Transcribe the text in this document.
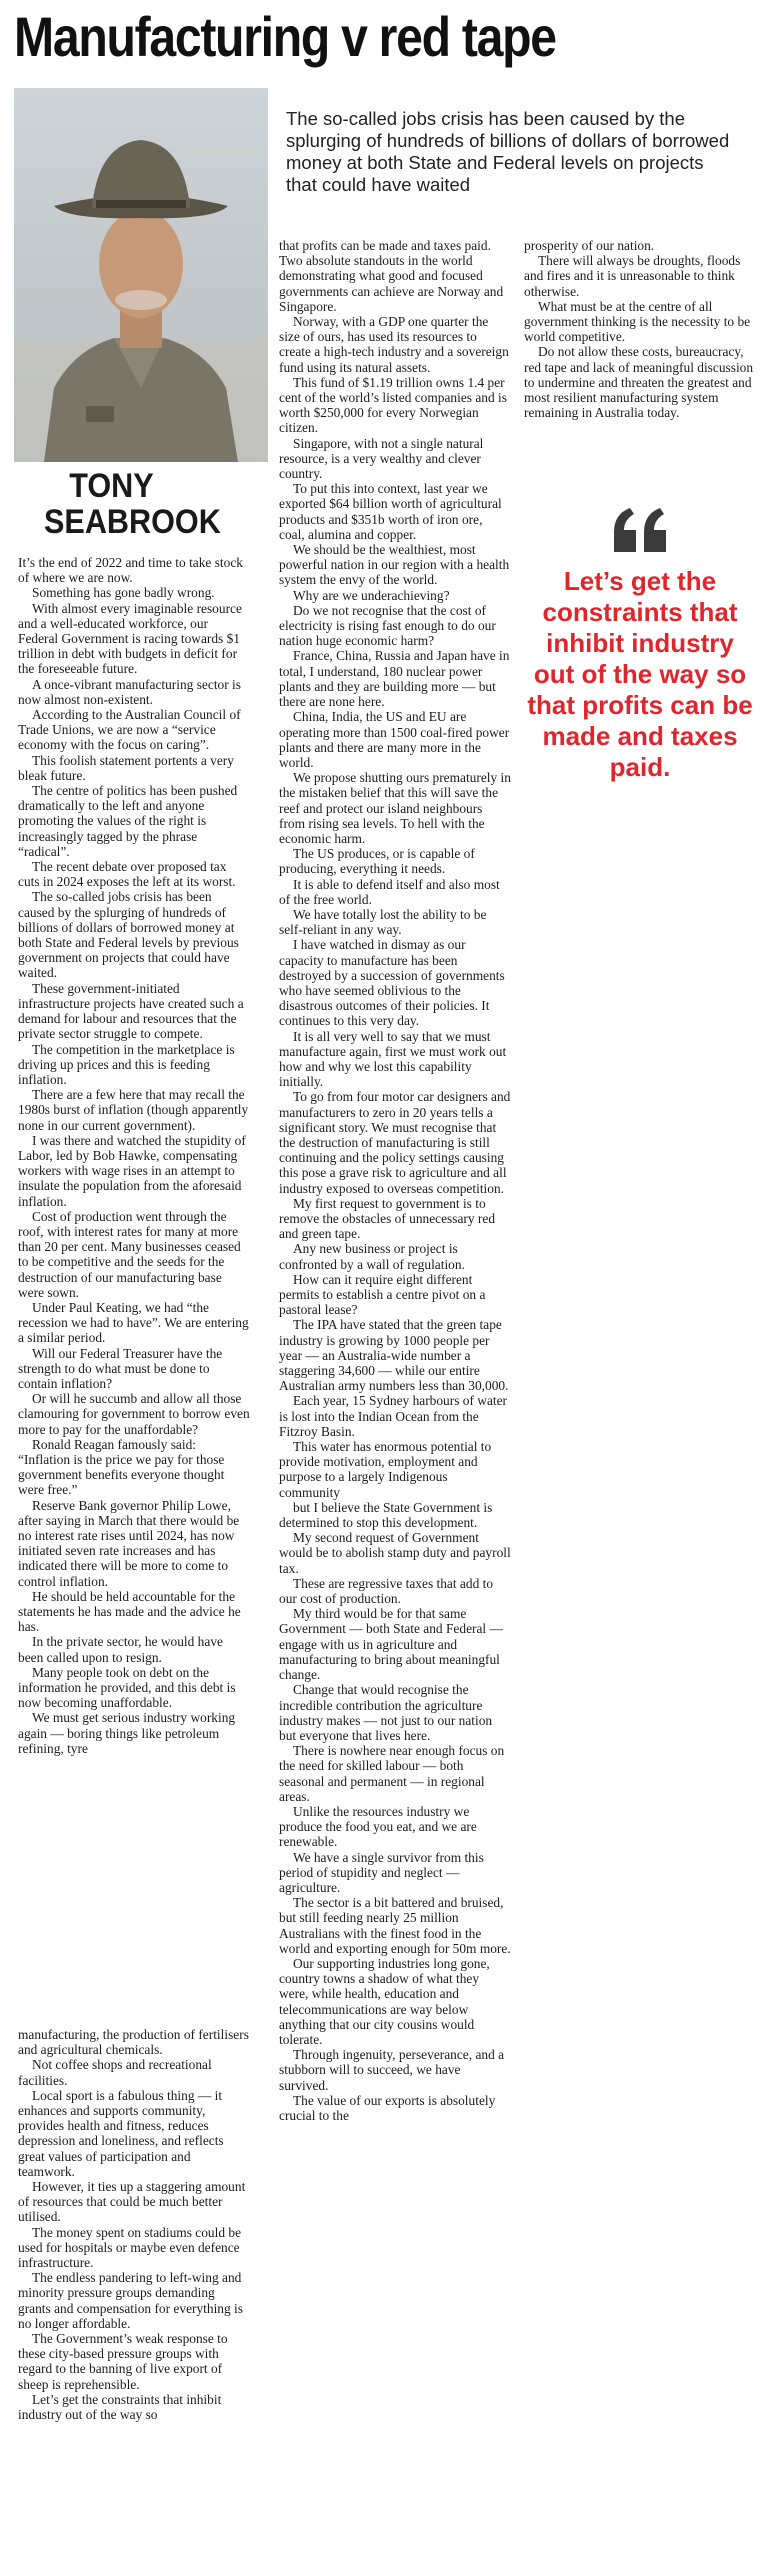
Manufacturing v red tape
TONY
SEABROOK
The so-called jobs crisis has been caused by the splurging of hundreds of billions of dollars of borrowed money at both State and Federal levels on projects that could have waited

It’s the end of 2022 and time to take stock of where we are now.

Something has gone badly wrong.

With almost every imaginable resource and a well-educated workforce, our Federal Government is racing towards $1 trillion in debt with budgets in deficit for the foreseeable future.

A once-vibrant manufacturing sector is now almost non-existent.

According to the Australian Council of Trade Unions, we are now a “service economy with the focus on caring”.

This foolish statement portents a very bleak future.

The centre of politics has been pushed dramatically to the left and anyone promoting the values of the right is increasingly tagged by the phrase “radical”.

The recent debate over proposed tax cuts in 2024 exposes the left at its worst.

The so-called jobs crisis has been caused by the splurging of hundreds of billions of dollars of borrowed money at both State and Federal levels by previous government on projects that could have waited.

These government-initiated infrastructure projects have created such a demand for labour and resources that the private sector struggle to compete.

The competition in the marketplace is driving up prices and this is feeding inflation.

There are a few here that may recall the 1980s burst of inflation (though apparently none in our current government).

I was there and watched the stupidity of Labor, led by Bob Hawke, compensating workers with wage rises in an attempt to insulate the population from the aforesaid inflation.

Cost of production went through the roof, with interest rates for many at more than 20 per cent. Many businesses ceased to be competitive and the seeds for the destruction of our manufacturing base were sown.

Under Paul Keating, we had “the recession we had to have”. We are entering a similar period.

Will our Federal Treasurer have the strength to do what must be done to contain inflation?

Or will he succumb and allow all those clamouring for government to borrow even more to pay for the unaffordable?

Ronald Reagan famously said: “Inflation is the price we pay for those government benefits everyone thought were free.”

Reserve Bank governor Philip Lowe, after saying in March that there would be no interest rate rises until 2024, has now initiated seven rate increases and has indicated there will be more to come to control inflation.

He should be held accountable for the statements he has made and the advice he has.

In the private sector, he would have been called upon to resign.

Many people took on debt on the information he provided, and this debt is now becoming unaffordable.

We must get serious industry working again — boring things like petroleum refining, tyre

manufacturing, the production of fertilisers and agricultural chemicals.

Not coffee shops and recreational facilities.

Local sport is a fabulous thing — it enhances and supports community, provides health and fitness, reduces depression and loneliness, and reflects great values of participation and teamwork.

However, it ties up a staggering amount of resources that could be much better utilised.

The money spent on stadiums could be used for hospitals or maybe even defence infrastructure.

The endless pandering to left-wing and minority pressure groups demanding grants and compensation for everything is no longer affordable.

The Government’s weak response to these city-based pressure groups with regard to the banning of live export of sheep is reprehensible.

Let’s get the constraints that inhibit industry out of the way so

that profits can be made and taxes paid. Two absolute standouts in the world demonstrating what good and focused governments can achieve are Norway and Singapore.

Norway, with a GDP one quarter the size of ours, has used its resources to create a high-tech industry and a sovereign fund using its natural assets.

This fund of $1.19 trillion owns 1.4 per cent of the world’s listed companies and is worth $250,000 for every Norwegian citizen.

Singapore, with not a single natural resource, is a very wealthy and clever country.

To put this into context, last year we exported $64 billion worth of agricultural products and $351b worth of iron ore, coal, alumina and copper.

We should be the wealthiest, most powerful nation in our region with a health system the envy of the world.

Why are we underachieving?

Do we not recognise that the cost of electricity is rising fast enough to do our nation huge economic harm?

France, China, Russia and Japan have in total, I understand, 180 nuclear power plants and they are building more — but there are none here.

China, India, the US and EU are operating more than 1500 coal-fired power plants and there are many more in the world.

We propose shutting ours prematurely in the mistaken belief that this will save the reef and protect our island neighbours from rising sea levels. To hell with the economic harm.

The US produces, or is capable of producing, everything it needs.

It is able to defend itself and also most of the free world.

We have totally lost the ability to be self-reliant in any way.

I have watched in dismay as our capacity to manufacture has been destroyed by a succession of governments who have seemed oblivious to the disastrous outcomes of their policies. It continues to this very day.

It is all very well to say that we must manufacture again, first we must work out how and why we lost this capability initially.

To go from four motor car designers and manufacturers to zero in 20 years tells a significant story. We must recognise that the destruction of manufacturing is still continuing and the policy settings causing this pose a grave risk to agriculture and all industry exposed to overseas competition.

My first request to government is to remove the obstacles of unnecessary red and green tape.

Any new business or project is confronted by a wall of regulation.

How can it require eight different permits to establish a centre pivot on a pastoral lease?

The IPA have stated that the green tape industry is growing by 1000 people per year — an Australia-wide number a staggering 34,600 — while our entire Australian army numbers less than 30,000.

Each year, 15 Sydney harbours of water is lost into the Indian Ocean from the Fitzroy Basin.

This water has enormous potential to provide motivation, employment and purpose to a largely Indigenous community

but I believe the State Government is determined to stop this development.

My second request of Government would be to abolish stamp duty and payroll tax.

These are regressive taxes that add to our cost of production.

My third would be for that same Government — both State and Federal — engage with us in agriculture and manufacturing to bring about meaningful change.

Change that would recognise the incredible contribution the agriculture industry makes — not just to our nation but everyone that lives here.

There is nowhere near enough focus on the need for skilled labour — both seasonal and permanent — in regional areas.

Unlike the resources industry we produce the food you eat, and we are renewable.

We have a single survivor from this period of stupidity and neglect — agriculture.

The sector is a bit battered and bruised, but still feeding nearly 25 million Australians with the finest food in the world and exporting enough for 50m more.

Our supporting industries long gone, country towns a shadow of what they were, while health, education and telecommunications are way below anything that our city cousins would tolerate.

Through ingenuity, perseverance, and a stubborn will to succeed, we have survived.

The value of our exports is absolutely crucial to the

prosperity of our nation.

There will always be droughts, floods and fires and it is unreasonable to think otherwise.

What must be at the centre of all government thinking is the necessity to be world competitive.

Do not allow these costs, bureaucracy, red tape and lack of meaningful discussion to undermine and threaten the greatest and most resilient manufacturing system remaining in Australia today.

Let’s get the constraints that inhibit industry out of the way so that profits can be made and taxes paid.
